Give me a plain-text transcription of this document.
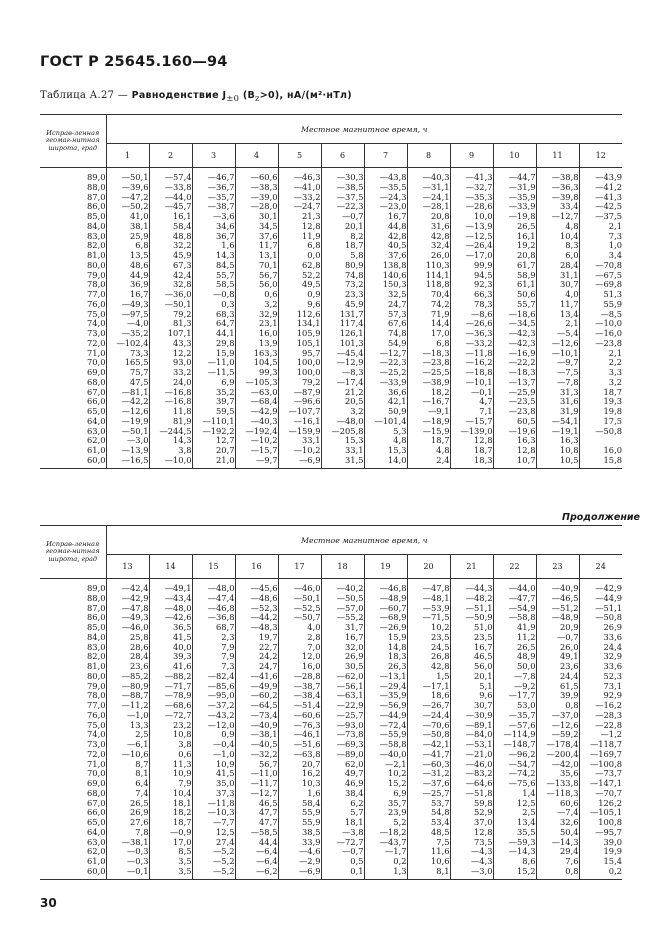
ГОСТ Р 25645.160—94
Таблица А.27 — Равноденствие $J_{\pm 0}$ $(B_z>0)$, нА/(м²·нТл)
Исправ-ленная геомаг-нитная широта, град	Местное магнитное время, ч											
	1	2	3	4	5	6	7	8	9	10	11	12
89,0	—50,1	—57,4	—46,7	—60,6	—46,3	—30,3	—43,8	—40,3	—41,3	—44,7	—38,8	—43,9
88,0	—39,6	—33,8	—36,7	—38,3	—41,0	—38,5	—35,5	—31,1	—32,7	—31,9	—36,3	—41,2
87,0	—47,2	—44,0	—35,7	—39,0	—33,2	—37,5	—24,3	—24,1	—35,3	—35,9	—39,8	—41,3
86,0	—50,2	—45,7	—38,7	—28,0	—24,7	—22,3	—23,0	—28,1	—28,6	—33,9	33,4	—42,5
85,0	41,0	16,1	—3,6	30,1	21,3	—0,7	16,7	20,8	10,0	—19,8	—12,7	—37,5
84,0	38,1	58,4	34,6	34,5	12,8	20,1	44,8	31,6	—13,9	26,5	4,8	2,1
83,0	25,9	48,8	36,7	37,6	11,9	8,2	42,8	42,8	—12,5	16,1	10,4	7,3
82,0	6,8	32,2	1,6	11,7	6,8	18,7	40,5	32,4	—26,4	19,2	8,3	1,0
81,0	13,5	45,9	14,3	13,1	0,0	5,8	37,6	26,0	—17,0	20,8	6,0	3,4
80,0	48,6	67,3	84,5	70,1	62,8	80,9	138,8	110,3	99,9	61,7	28,4	—70,8
79,0	44,9	42,4	55,7	56,7	52,2	74,8	140,6	114,1	94,5	58,9	31,1	—67,5
78,0	36,9	32,8	58,5	56,0	49,5	73,2	150,3	118,8	92,3	61,1	30,7	—69,8
77,0	16,7	—36,0	—0,8	0,6	0,9	23,3	32,5	70,4	66,3	50,6	4,0	51,3
76,0	—49,3	—50,1	0,3	3,2	9,6	45,9	24,7	74,2	78,3	55,7	11,7	55,9
75,0	—97,5	79,2	68,3	32,9	112,6	131,7	57,3	71,9	—8,6	—18,6	13,4	—8,5
74,0	—4,0	81,3	64,7	23,1	134,1	117,4	67,6	14,4	—26,6	—34,5	2,1	—10,0
73,0	—35,2	107,1	44,1	16,0	105,9	126,1	74,8	17,0	—36,3	—42,3	—5,4	—16,0
72,0	—102,4	43,3	29,8	13,9	105,1	101,3	54,9	6,8	—33,2	—42,3	—12,6	—23,8
71,0	73,3	12,2	15,9	163,3	95,7	—45,4	—12,7	—18,3	—11,8	—16,9	—10,1	2,1
70,0	165,5	93,0	—11,0	104,5	100,0	—12,9	—22,3	—23,8	—16,2	—22,2	—9,7	2,2
69,0	75,7	33,2	—11,5	99,3	100,0	—8,3	—25,2	—25,5	—18,8	—18,3	—7,5	3,3
68,0	47,5	24,0	6,9	—105,3	79,2	—17,4	—33,9	—38,9	—10,1	—13,7	—7,8	3,2
67,0	—81,1	—16,8	35,2	—63,0	—87,9	21,2	36,6	18,2	—0,1	—25,9	31,3	18,7
66,0	—42,2	—16,8	39,7	—68,4	—96,6	20,5	42,1	—16,7	4,7	—23,5	31,6	19,3
65,0	—12,6	11,8	59,5	—42,9	—107,7	3,2	50,9	—9,1	7,1	—23,8	31,9	19,8
64,0	—19,9	81,9	—110,1	—40,3	—16,1	—48,0	—101,4	—18,9	—15,7	60,5	—54,1	17,5
63,0	—50,1	—244,5	—192,2	—192,4	—159,9	—205,8	5,3	—15,9	—139,0	—19,6	—19,1	—50,8
62,0	—3,0	14,3	12,7	—10,2	33,1	15,3	4,8	18,7	12,8	16,3	16,3	
61,0	—13,9	3,8	20,7	—15,7	—10,2	33,1	15,3	4,8	18,7	12,8	10,8	16,0
60,0	—16,5	—10,0	21,0	—9,7	—6,9	31,5	14,0	2,4	18,3	10,7	10,5	15,8

Продолжение
Исправ-ленная геомаг-нитная широта, град	Местное магнитное время, ч											
	13	14	15	16	17	18	19	20	21	22	23	24
89,0	—42,4	—49,1	—48,0	—45,6	—46,0	—40,2	—46,8	—47,8	—44,3	—44,0	—40,9	—42,9
88,0	—42,9	—43,4	—47,4	—48,6	—50,1	—50,5	—48,9	—48,1	—48,2	—47,7	—46,5	—44,9
87,0	—47,8	—48,0	—46,8	—52,3	—52,5	—57,0	—60,7	—53,9	—51,1	—54,9	—51,2	—51,1
86,0	—49,3	—42,6	—36,8	—44,2	—50,7	—55,2	—68,9	—71,5	—50,9	—58,8	—48,9	—50,8
85,0	—46,0	36,5	68,7	—48,3	4,0	31,7	—26,9	10,2	51,0	41,9	20,9	26,9
84,0	25,8	41,5	2,3	19,7	2,8	16,7	15,9	23,5	23,5	11,2	—0,7	33,6
83,0	28,6	40,0	7,9	22,7	7,0	32,0	14,8	24,5	16,7	26,5	26,0	24,4
82,0	28,4	39,3	7,9	24,2	12,0	26,9	18,3	26,8	46,5	48,9	49,1	32,9
81,0	23,6	41,6	7,3	24,7	16,0	30,5	26,3	42,8	56,0	50,0	23,6	33,6
80,0	—85,2	—88,2	—82,4	—41,6	—28,8	—62,0	—13,1	1,5	20,1	—7,8	24,4	52,3
79,0	—80,9	—71,7	—85,6	—49,9	—38,7	—56,1	—29,4	—17,1	5,1	—9,2	61,5	73,1
78,0	—88,7	—78,9	—95,0	—60,2	—38,4	—63,1	—35,9	18,6	9,6	—17,7	39,9	92,9
77,0	—11,2	—68,6	—37,2	—64,5	—51,4	—22,9	—56,9	—26,7	30,7	53,0	0,8	—16,2
76,0	—1,0	—72,7	—43,2	—73,4	—60,6	—25,7	—44,9	—24,4	—30,9	—35,7	—37,0	—28,3
75,0	13,3	23,2	—12,0	—40,9	—76,3	—93,0	—72,4	—70,6	—89,1	—57,6	—12,6	—22,8
74,0	2,5	10,8	0,9	—38,1	—46,1	—73,8	—55,9	—50,8	—84,0	—114,9	—59,2	—1,2
73,0	—6,1	3,8	—0,4	—40,5	—51,6	—69,3	—58,8	—42,1	—53,1	—148,7	—178,4	—118,7
72,0	—10,6	0,6	—1,0	—32,2	—63,8	—89,0	—40,0	—41,7	—21,0	—96,2	—200,4	—169,7
71,0	8,7	11,3	10,9	56,7	20,7	62,0	—2,1	—60,3	—46,0	—54,7	—42,0	—100,8
70,0	8,1	10,9	41,5	—11,0	16,2	49,7	10,2	—31,2	—83,2	—74,2	35,6	—73,7
69,0	6,4	7,9	35,0	—11,7	10,3	46,9	15,2	—37,6	—64,6	—75,6	—133,8	—147,1
68,0	7,4	10,4	37,3	—12,7	1,6	38,4	6,9	—25,7	—51,8	1,4	—118,3	—70,7
67,0	26,5	18,1	—11,8	46,5	58,4	6,2	35,7	53,7	59,8	12,5	60,6	126,2
66,0	26,9	18,2	—10,3	47,7	55,9	5,7	23,9	54,8	52,9	2,5	—7,4	—105,1
65,0	27,6	18,7	—7,7	47,7	55,9	18,1	5,2	53,4	37,0	13,4	32,6	100,8
64,0	7,8	—0,9	12,5	—58,5	38,5	—3,8	—18,2	48,5	12,8	35,5	50,4	—95,7
63,0	—38,1	17,0	27,4	44,4	33,9	—72,7	—43,7	7,5	73,5	—59,3	—14,3	39,0
62,0	—0,3	8,5	—5,2	—6,4	—4,6	—0,7	—1,7	11,6	—4,3	—14,3	29,4	19,9
61,0	—0,3	3,5	—5,2	—6,4	—2,9	0,5	0,2	10,6	—4,3	8,6	7,6	15,4
60,0	—0,1	3,5	—5,2	—6,2	—6,9	0,1	1,3	8,1	—3,0	15,2	0,8	0,2

30
